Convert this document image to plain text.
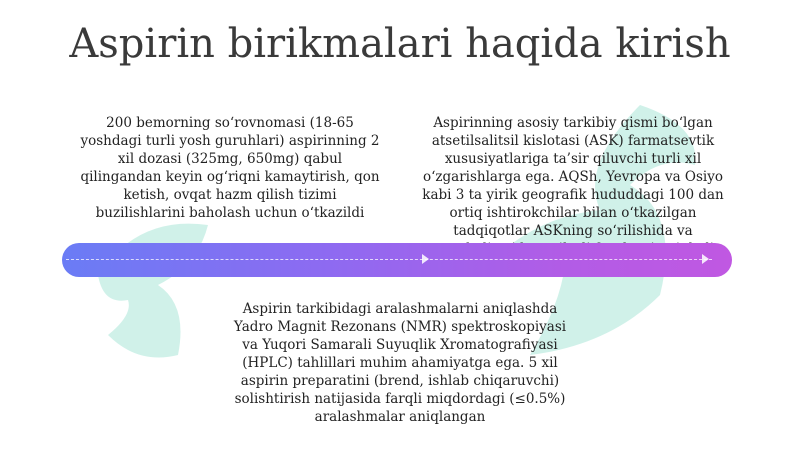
Aspirin birikmalari haqida kirish
200 bemorning so‘rovnomasi (18-65 yoshdagi turli yosh guruhlari) aspirinning 2 xil dozasi (325mg, 650mg) qabul qilingandan keyin og‘riqni kamaytirish, qon ketish, ovqat hazm qilish tizimi buzilishlarini baholash uchun o‘tkazildi
Aspirinning asosiy tarkibiy qismi bo‘lgan atsetilsalitsil kislotasi (ASK) farmatsevtik xususiyatlariga ta’sir qiluvchi turli xil o‘zgarishlarga ega. AQSh, Yevropa va Osiyo kabi 3 ta yirik geografik hududdagi 100 dan ortiq ishtirokchilar bilan o‘tkazilgan tadqiqotlar ASKning so‘rilishida va
Aspirin tarkibidagi aralashmalarni aniqlashda Yadro Magnit Rezonans (NMR) spektroskopiyasi va Yuqori Samarali Suyuqlik Xromatografiyasi (HPLC) tahlillari muhim ahamiyatga ega. 5 xil aspirin preparatini (brend, ishlab chiqaruvchi) solishtirish natijasida farqli miqdordagi (≤0.5%) aralashmalar aniqlangan
